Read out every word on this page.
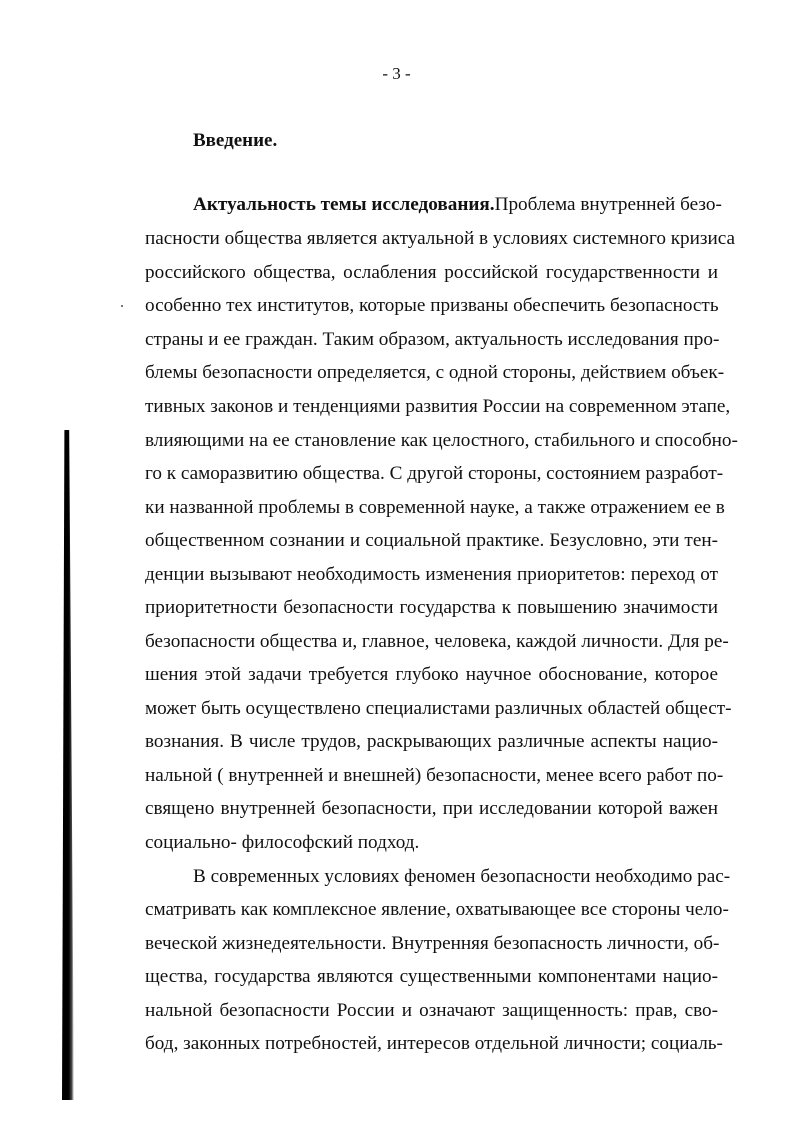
- 3 -
Введение.
Актуальность темы исследования.Проблема внутренней безо-
пасности общества является актуальной в условиях системного кризиса
российского общества, ослабления российской государственности и
особенно тех институтов, которые призваны обеспечить безопасность
страны и ее граждан. Таким образом, актуальность исследования про-
блемы безопасности определяется, с одной стороны, действием объек-
тивных законов и тенденциями развития России на современном этапе,
влияющими на ее становление как целостного, стабильного и способно-
го к саморазвитию общества. С другой стороны, состоянием разработ-
ки названной проблемы в современной науке, а также отражением ее в
общественном сознании и социальной практике. Безусловно, эти тен-
денции вызывают необходимость изменения приоритетов: переход от
приоритетности безопасности государства к повышению значимости
безопасности общества и, главное, человека, каждой личности. Для ре-
шения этой задачи требуется глубоко научное обоснование, которое
может быть осуществлено специалистами различных областей общест-
вознания. В числе трудов, раскрывающих различные аспекты нацио-
нальной ( внутренней и внешней) безопасности, менее всего работ по-
священо внутренней безопасности, при исследовании которой важен
социально- философский подход.
В современных условиях феномен безопасности необходимо рас-
сматривать как комплексное явление, охватывающее все стороны чело-
веческой жизнедеятельности. Внутренняя безопасность личности, об-
щества, государства являются существенными компонентами нацио-
нальной безопасности России и означают защищенность: прав, сво-
бод, законных потребностей, интересов отдельной личности; социаль-
